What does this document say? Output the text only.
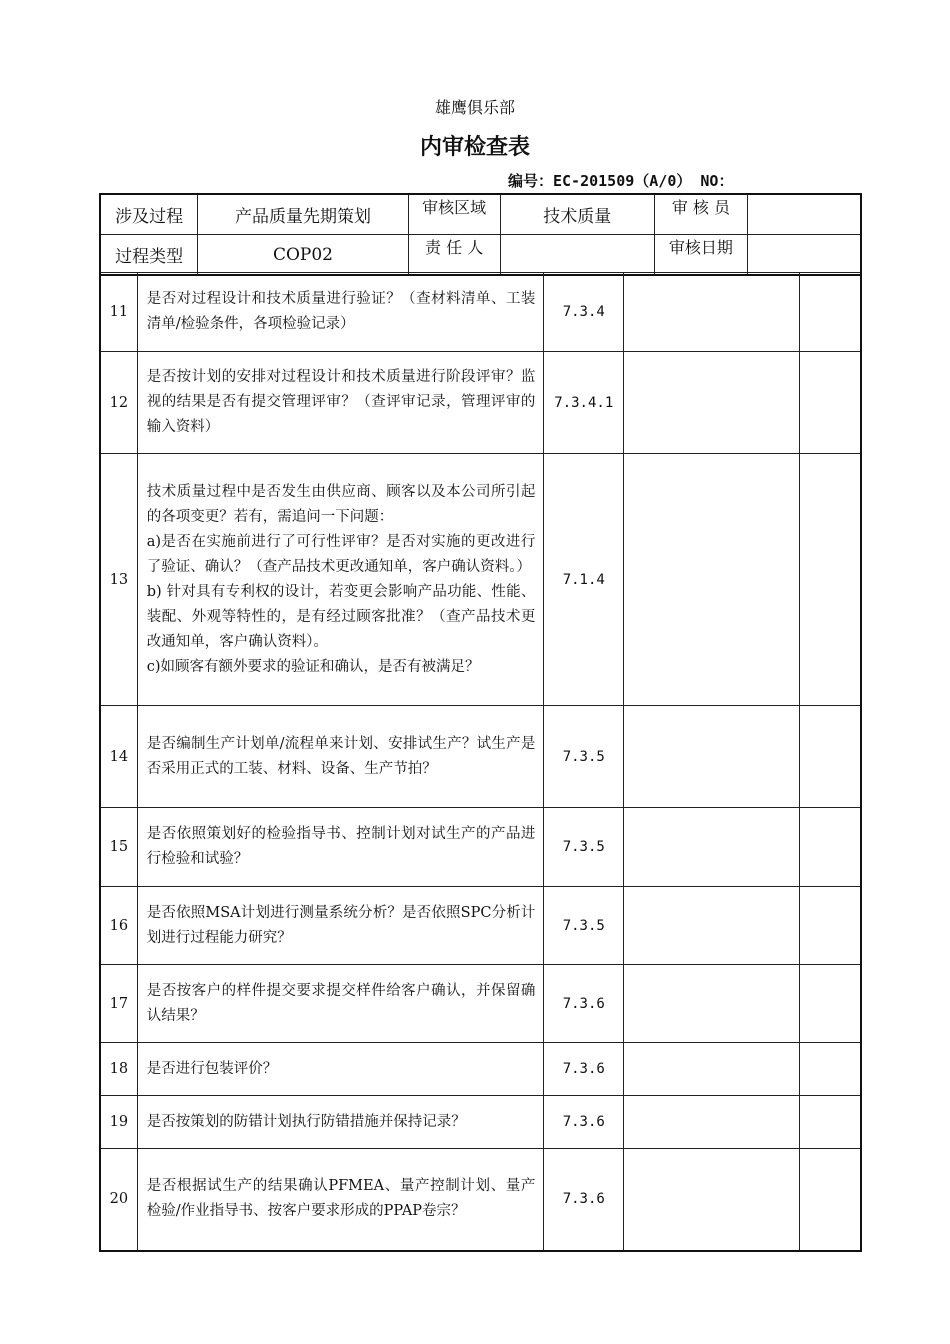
雄鹰俱乐部
内审检查表
编号：EC-201509（A/0） NO：
涉及过程	产品质量先期策划	审核区域	技术质量	审 核 员	

过程类型	COP02	责 任 人		审核日期	

11	是否对过程设计和技术质量进行验证？（查材料清单、工装清单/检验条件，各项检验记录）	7.3.4		
12	是否按计划的安排对过程设计和技术质量进行阶段评审？监视的结果是否有提交管理评审？（查评审记录，管理评审的输入资料）	7.3.4.1		
13	技术质量过程中是否发生由供应商、顾客以及本公司所引起的各项变更？若有，需追问一下问题：
a)是否在实施前进行了可行性评审？是否对实施的更改进行了验证、确认？（查产品技术更改通知单，客户确认资料。）
b) 针对具有专利权的设计，若变更会影响产品功能、性能、装配、外观等特性的，是有经过顾客批准？（查产品技术更改通知单，客户确认资料）。
c)如顾客有额外要求的验证和确认，是否有被满足？	7.1.4		
14	是否编制生产计划单/流程单来计划、安排试生产？试生产是否采用正式的工装、材料、设备、生产节拍？	7.3.5		
15	是否依照策划好的检验指导书、控制计划对试生产的产品进行检验和试验？	7.3.5		
16	是否依照MSA计划进行测量系统分析？是否依照SPC分析计划进行过程能力研究？	7.3.5		
17	是否按客户的样件提交要求提交样件给客户确认，并保留确认结果？	7.3.6		
18	是否进行包装评价？	7.3.6		
19	是否按策划的防错计划执行防错措施并保持记录？	7.3.6		
20	是否根据试生产的结果确认PFMEA、量产控制计划、量产检验/作业指导书、按客户要求形成的PPAP卷宗？	7.3.6		
